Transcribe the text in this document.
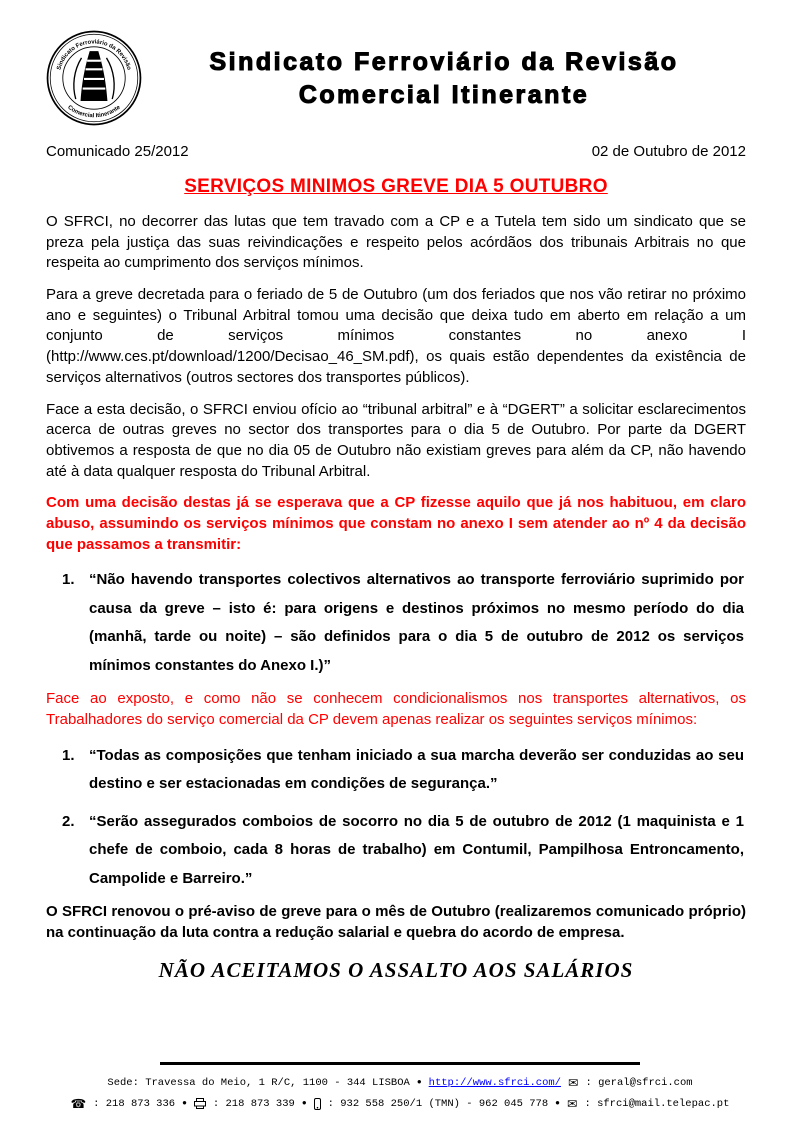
Sindicato Ferroviário da Revisão
Comercial Itinerante
Sindicato Ferroviário da Revisão
Comercial Itinerante
Comunicado 25/2012	02 de Outubro de 2012
SERVIÇOS MINIMOS GREVE DIA 5 OUTUBRO

O SFRCI, no decorrer das lutas que tem travado com a CP e a Tutela tem sido um sindicato que se preza pela justiça das suas reivindicações e respeito pelos acórdãos dos tribunais Arbitrais no que respeita ao cumprimento dos serviços mínimos.

Para a greve decretada para o feriado de 5 de Outubro (um dos feriados que nos vão retirar no próximo ano e seguintes) o Tribunal Arbitral tomou uma decisão que deixa tudo em aberto em relação a um conjunto de serviços mínimos constantes no anexo I (http://www.ces.pt/download/1200/Decisao_46_SM.pdf), os quais estão dependentes da existência de serviços alternativos (outros sectores dos transportes públicos).

Face a esta decisão, o SFRCI enviou ofício ao “tribunal arbitral” e à “DGERT” a solicitar esclarecimentos acerca de outras greves no sector dos transportes para o dia 5 de Outubro. Por parte da DGERT obtivemos a resposta de que no dia 05 de Outubro não existiam greves para além da CP, não havendo até à data qualquer resposta do Tribunal Arbitral.

Com uma decisão destas já se esperava que a CP fizesse aquilo que já nos habituou, em claro abuso, assumindo os serviços mínimos que constam no anexo I sem atender ao nº 4 da decisão que passamos a transmitir:

1. “Não havendo transportes colectivos alternativos ao transporte ferroviário suprimido por causa da greve – isto é: para origens e destinos próximos no mesmo período do dia (manhã, tarde ou noite) – são definidos para o dia 5 de outubro de 2012 os serviços mínimos constantes do Anexo I.)”

Face ao exposto, e como não se conhecem condicionalismos nos transportes alternativos, os Trabalhadores do serviço comercial da CP devem apenas realizar os seguintes serviços mínimos:

1. “Todas as composições que tenham iniciado a sua marcha deverão ser conduzidas ao seu destino e ser estacionadas em condições de segurança.”
2. “Serão assegurados comboios de socorro no dia 5 de outubro de 2012 (1 maquinista e 1 chefe de comboio, cada 8 horas de trabalho) em Contumil, Pampilhosa Entroncamento, Campolide e Barreiro.”

O SFRCI renovou o pré-aviso de greve para o mês de Outubro (realizaremos comunicado próprio) na continuação da luta contra a redução salarial e quebra do acordo de empresa.

NÃO ACEITAMOS O ASSALTO AOS SALÁRIOS
Sede: Travessa do Meio, 1 R/C, 1100 - 344 LISBOA ● http://www.sfrci.com/ ✉ : geral@sfrci.com
☎ : 218 873 336 ● : 218 873 339 ● : 932 558 250/1 (TMN) - 962 045 778 ● ✉ : sfrci@mail.telepac.pt
